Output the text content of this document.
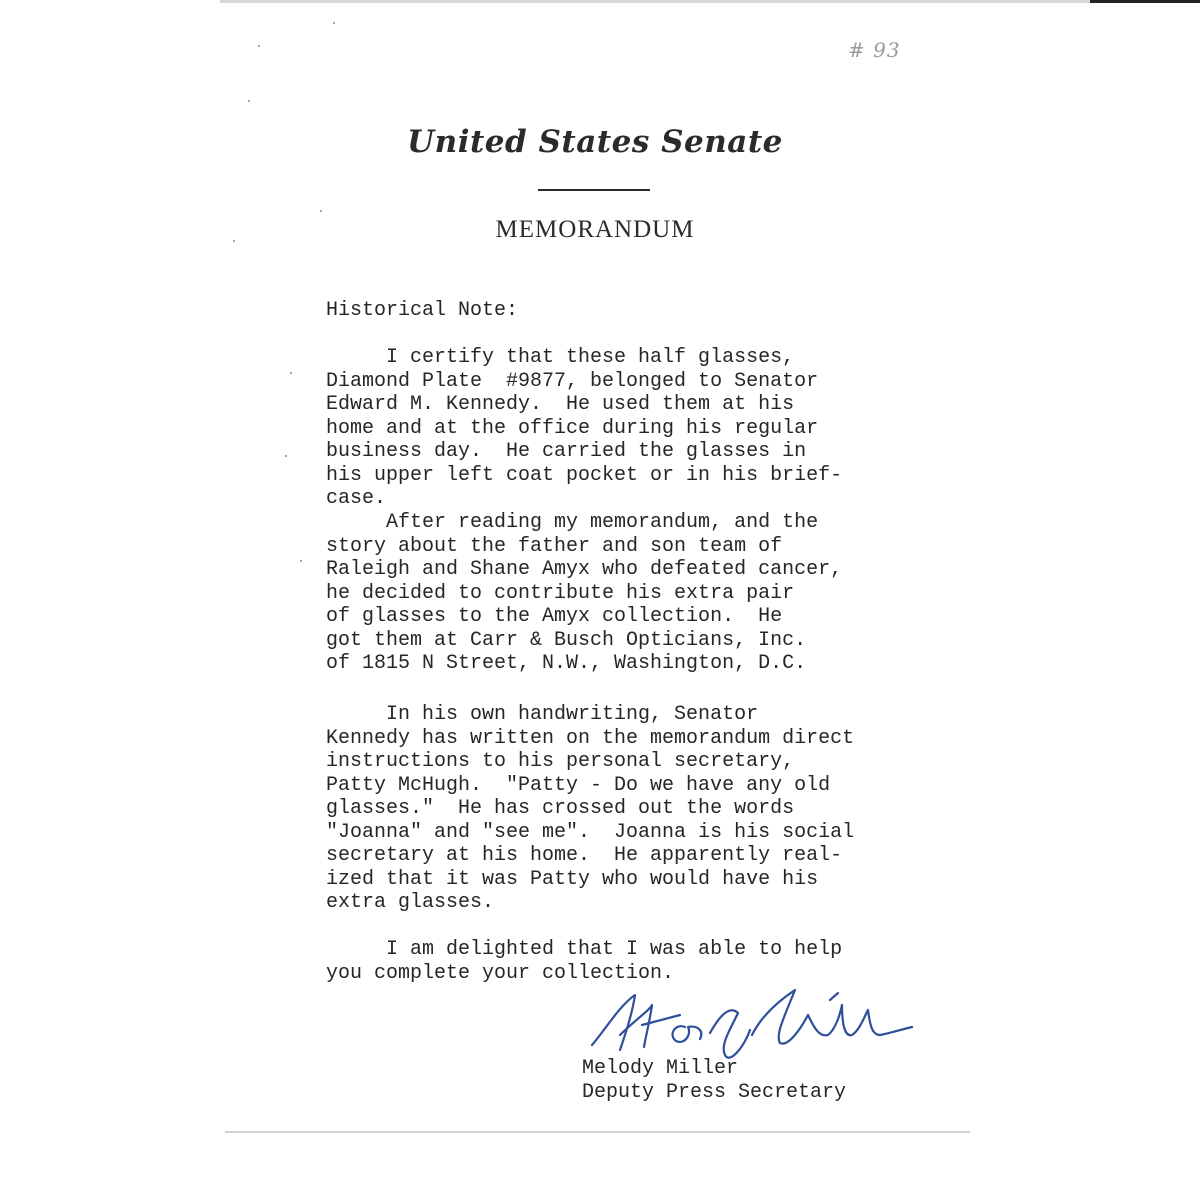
# 93
United States Senate
MEMORANDUM
Historical Note:
I certify that these half glasses,
Diamond Plate  #9877, belonged to Senator
Edward M. Kennedy.  He used them at his
home and at the office during his regular
business day.  He carried the glasses in
his upper left coat pocket or in his brief-
case.
After reading my memorandum, and the
story about the father and son team of
Raleigh and Shane Amyx who defeated cancer,
he decided to contribute his extra pair
of glasses to the Amyx collection.  He
got them at Carr & Busch Opticians, Inc.
of 1815 N Street, N.W., Washington, D.C.
In his own handwriting, Senator
Kennedy has written on the memorandum direct
instructions to his personal secretary,
Patty McHugh.  "Patty - Do we have any old
glasses."  He has crossed out the words
"Joanna" and "see me".  Joanna is his social
secretary at his home.  He apparently real-
ized that it was Patty who would have his
extra glasses.
I am delighted that I was able to help
you complete your collection.
Melody Miller
Deputy Press Secretary
